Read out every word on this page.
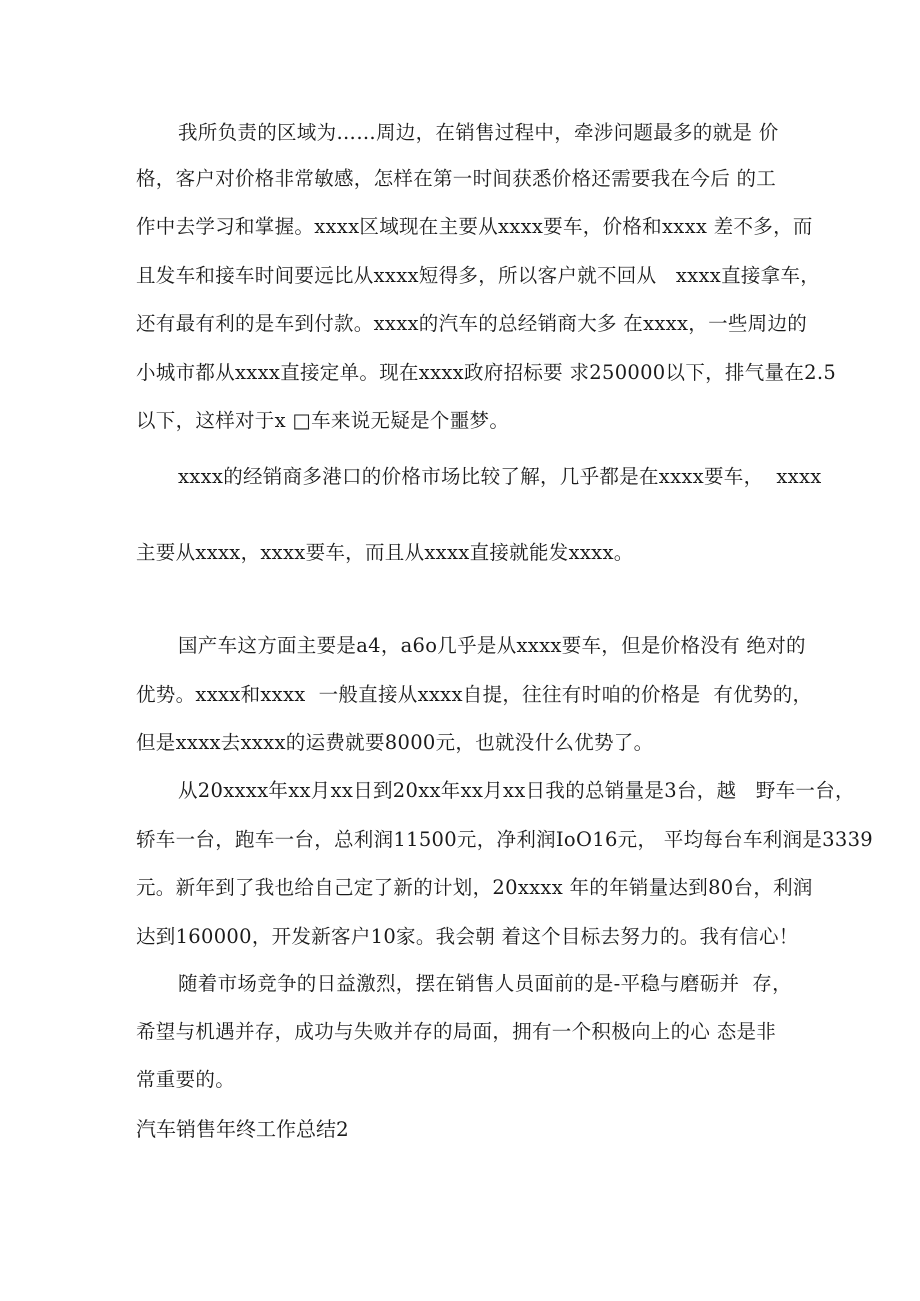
我所负责的区域为……周边，在销售过程中，牵涉问题最多的就是 价
格，客户对价格非常敏感，怎样在第一时间获悉价格还需要我在今后 的工
作中去学习和掌握。xxxx区域现在主要从xxxx要车，价格和xxxx 差不多，而
且发车和接车时间要远比从xxxx短得多，所以客户就不回从   xxxx直接拿车，
还有最有利的是车到付款。xxxx的汽车的总经销商大多 在xxxx，一些周边的
小城市都从xxxx直接定单。现在xxxx政府招标要 求250000以下，排气量在2.5
以下，这样对于x □车来说无疑是个噩梦。
xxxx的经销商多港口的价格市场比较了解，几乎都是在xxxx要车，  xxxx
主要从xxxx，xxxx要车，而且从xxxx直接就能发xxxx。
国产车这方面主要是a4，a6o几乎是从xxxx要车，但是价格没有 绝对的
优势。xxxx和xxxx  一般直接从xxxx自提，往往有时咱的价格是  有优势的，
但是xxxx去xxxx的运费就要8000元，也就没什么优势了。
从20xxxx年xx月xx日到20xx年xx月xx日我的总销量是3台，越   野车一台，
轿车一台，跑车一台，总利润11500元，净利润IoO16元， 平均每台车利润是3339
元。新年到了我也给自己定了新的计划，20xxxx 年的年销量达到80台，利润
达到160000，开发新客户10家。我会朝 着这个目标去努力的。我有信心！
随着市场竞争的日益激烈，摆在销售人员面前的是-平稳与磨砺并  存，
希望与机遇并存，成功与失败并存的局面，拥有一个积极向上的心 态是非
常重要的。
汽车销售年终工作总结2
